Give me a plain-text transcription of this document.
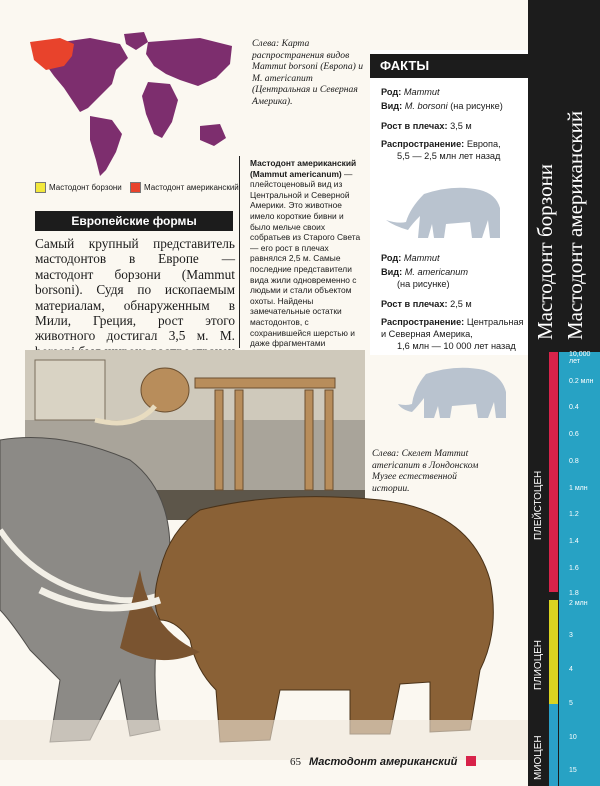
Слева: Карта распространения видов Mammut borsoni (Европа) и M. americanum (Центральная и Северная Америка).
Мастодонт борзони	Мастодонт американский
Европейские формы
Самый крупный представитель мастодонтов в Европе — мастодонт борзони (Mammut borsoni). Судя по ископаемым материалам, обнаруженным в Мили, Греция, рост этого животного достигал 3,5 м. M.
Мастодонт американский (Mammut americanum) — плейстоценовый вид из Центральной и Северной Америки. Это животное имело короткие бивни и было мельче своих собратьев из Старого Света — его рост в плечах равнялся 2,5 м. Самые последние представители вида жили одновременно с людьми и стали объектом охоты. Найдены замечательные остатки мастодонтов, с сохранившейся шерстью и даже фрагментами
ФАКТЫ
Род: Mammut
Вид: M. borsoni (на рисунке)
Рост в плечах: 3,5 м
Распространение: Европа,
5,5 — 2,5 млн лет назад
Род: Mammut
Вид: M. americanum
(на рисунке)
Рост в плечах: 2,5 м
Распространение: Центральная и Северная Америка,
1,6 млн — 10 000 лет назад
Мастодонт борзони Мастодонт американский
Слева: Скелет Mammut americanum в Лондонском Музее естественной истории.	ПЛЕЙСТОЦЕН
ПЛИОЦЕН
МИОЦЕН
10,000 лет
0.2 млн
0.4
0.6
0.8
1 млн
1.2
1.4
1.6
1.8
2 млн
3
4
5
10
15
65 Мастодонт американский
